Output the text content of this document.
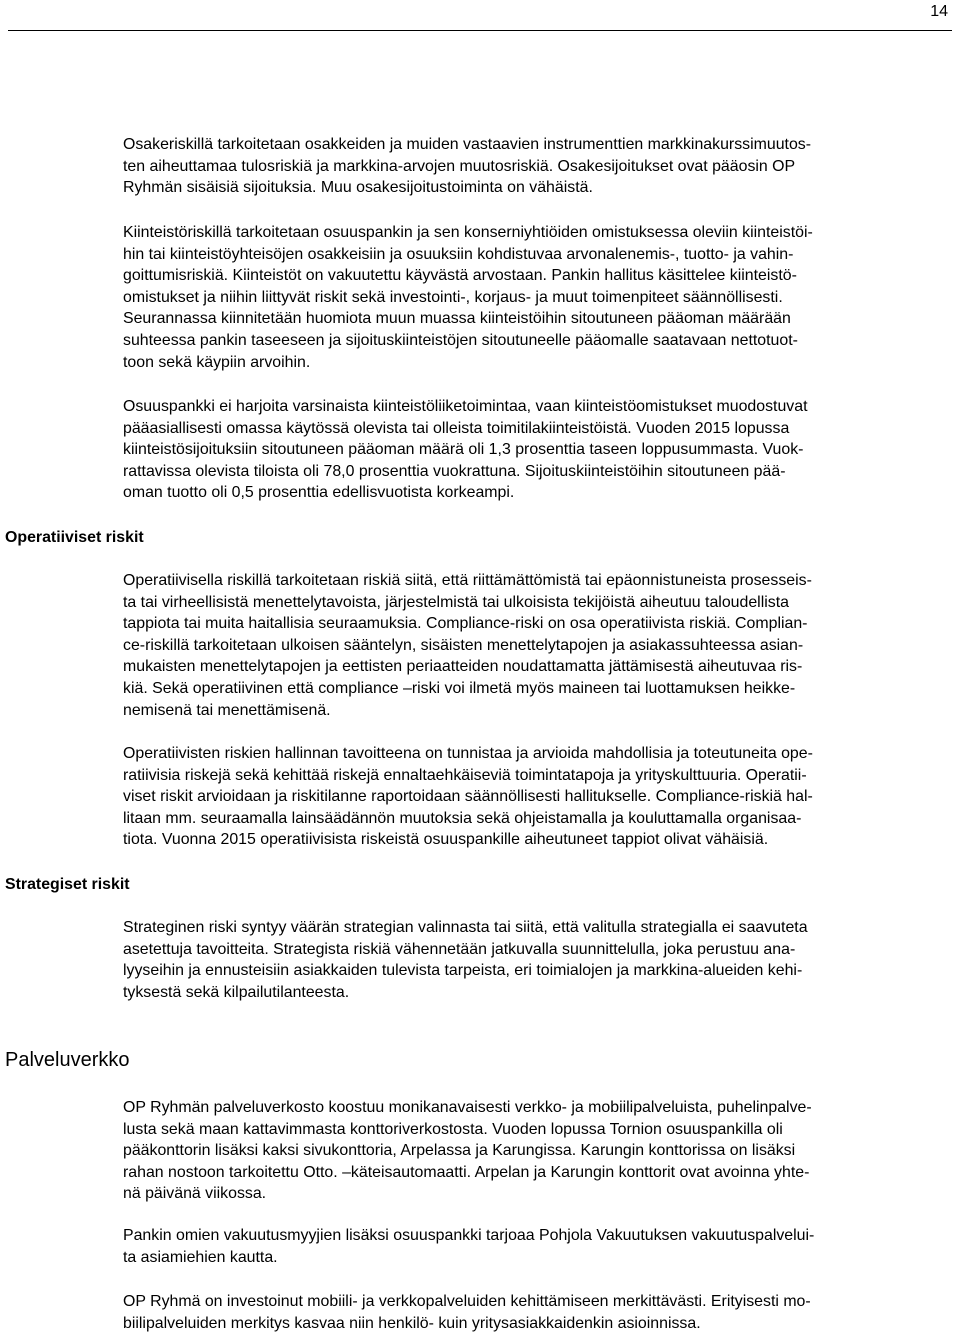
14

Osakeriskillä tarkoitetaan osakkeiden ja muiden vastaavien instrumenttien markkinakurssimuutos-
ten aiheuttamaa tulosriskiä ja markkina-arvojen muutosriskiä. Osakesijoitukset ovat pääosin OP
Ryhmän sisäisiä sijoituksia. Muu osakesijoitustoiminta on vähäistä.

Kiinteistöriskillä tarkoitetaan osuuspankin ja sen konserniyhtiöiden omistuksessa oleviin kiinteistöi-
hin tai kiinteistöyhteisöjen osakkeisiin ja osuuksiin kohdistuvaa arvonalenemis-, tuotto- ja vahin-
goittumisriskiä. Kiinteistöt on vakuutettu käyvästä arvostaan. Pankin hallitus käsittelee kiinteistö-
omistukset ja niihin liittyvät riskit sekä investointi-, korjaus- ja muut toimenpiteet säännöllisesti.
Seurannassa kiinnitetään huomiota muun muassa kiinteistöihin sitoutuneen pääoman määrään
suhteessa pankin taseeseen ja sijoituskiinteistöjen sitoutuneelle pääomalle saatavaan nettotuot-
toon sekä käypiin arvoihin.

Osuuspankki ei harjoita varsinaista kiinteistöliiketoimintaa, vaan kiinteistöomistukset muodostuvat
pääasiallisesti omassa käytössä olevista tai olleista toimitilakiinteistöistä. Vuoden 2015 lopussa
kiinteistösijoituksiin sitoutuneen pääoman määrä oli 1,3 prosenttia taseen loppusummasta. Vuok-
rattavissa olevista tiloista oli 78,0 prosenttia vuokrattuna. Sijoituskiinteistöihin sitoutuneen pää-
oman tuotto oli 0,5 prosenttia edellisvuotista korkeampi.

Operatiiviset riskit

Operatiivisella riskillä tarkoitetaan riskiä siitä, että riittämättömistä tai epäonnistuneista prosesseis-
ta tai virheellisistä menettelytavoista, järjestelmistä tai ulkoisista tekijöistä aiheutuu taloudellista
tappiota tai muita haitallisia seuraamuksia. Compliance-riski on osa operatiivista riskiä. Complian-
ce-riskillä tarkoitetaan ulkoisen sääntelyn, sisäisten menettelytapojen ja asiakassuhteessa asian-
mukaisten menettelytapojen ja eettisten periaatteiden noudattamatta jättämisestä aiheutuvaa ris-
kiä. Sekä operatiivinen että compliance –riski voi ilmetä myös maineen tai luottamuksen heikke-
nemisenä tai menettämisenä.

Operatiivisten riskien hallinnan tavoitteena on tunnistaa ja arvioida mahdollisia ja toteutuneita ope-
ratiivisia riskejä sekä kehittää riskejä ennaltaehkäiseviä toimintatapoja ja yrityskulttuuria. Operatii-
viset riskit arvioidaan ja riskitilanne raportoidaan säännöllisesti hallitukselle. Compliance-riskiä hal-
litaan mm. seuraamalla lainsäädännön muutoksia sekä ohjeistamalla ja kouluttamalla organisaa-
tiota. Vuonna 2015 operatiivisista riskeistä osuuspankille aiheutuneet tappiot olivat vähäisiä.

Strategiset riskit

Strateginen riski syntyy väärän strategian valinnasta tai siitä, että valitulla strategialla ei saavuteta
asetettuja tavoitteita. Strategista riskiä vähennetään jatkuvalla suunnittelulla, joka perustuu ana-
lyyseihin ja ennusteisiin asiakkaiden tulevista tarpeista, eri toimialojen ja markkina-alueiden kehi-
tyksestä sekä kilpailutilanteesta.

Palveluverkko

OP Ryhmän palveluverkosto koostuu monikanavaisesti verkko- ja mobiilipalveluista, puhelinpalve-
lusta sekä maan kattavimmasta konttoriverkostosta. Vuoden lopussa Tornion osuuspankilla oli
pääkonttorin lisäksi kaksi sivukonttoria, Arpelassa ja Karungissa. Karungin konttorissa on lisäksi
rahan nostoon tarkoitettu Otto. –käteisautomaatti. Arpelan ja Karungin konttorit ovat avoinna yhte-
nä päivänä viikossa.

Pankin omien vakuutusmyyjien lisäksi osuuspankki tarjoaa Pohjola Vakuutuksen vakuutuspalvelui-
ta asiamiehien kautta.

OP Ryhmä on investoinut mobiili- ja verkkopalveluiden kehittämiseen merkittävästi. Erityisesti mo-
biilipalveluiden merkitys kasvaa niin henkilö- kuin yritysasiakkaidenkin asioinnissa.
